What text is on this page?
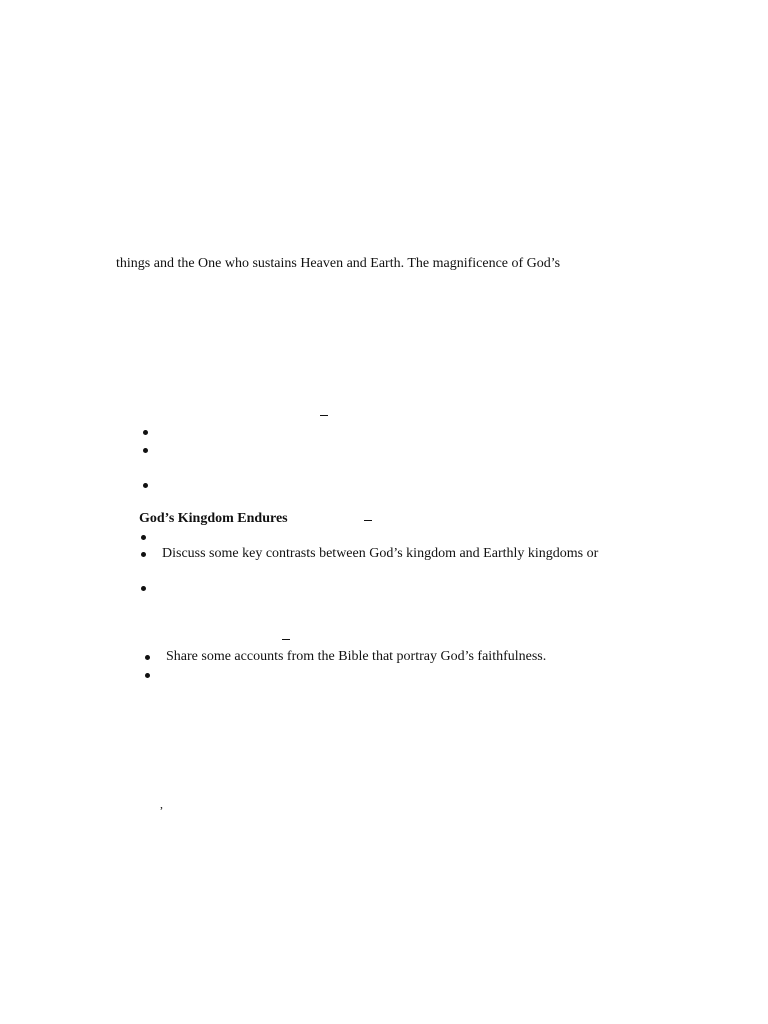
things and the One who sustains Heaven and Earth. The magnificence of God’s
God’s Kingdom Endures
Discuss some key contrasts between God’s kingdom and Earthly kingdoms or
Share some accounts from the Bible that portray God’s faithfulness.
,
